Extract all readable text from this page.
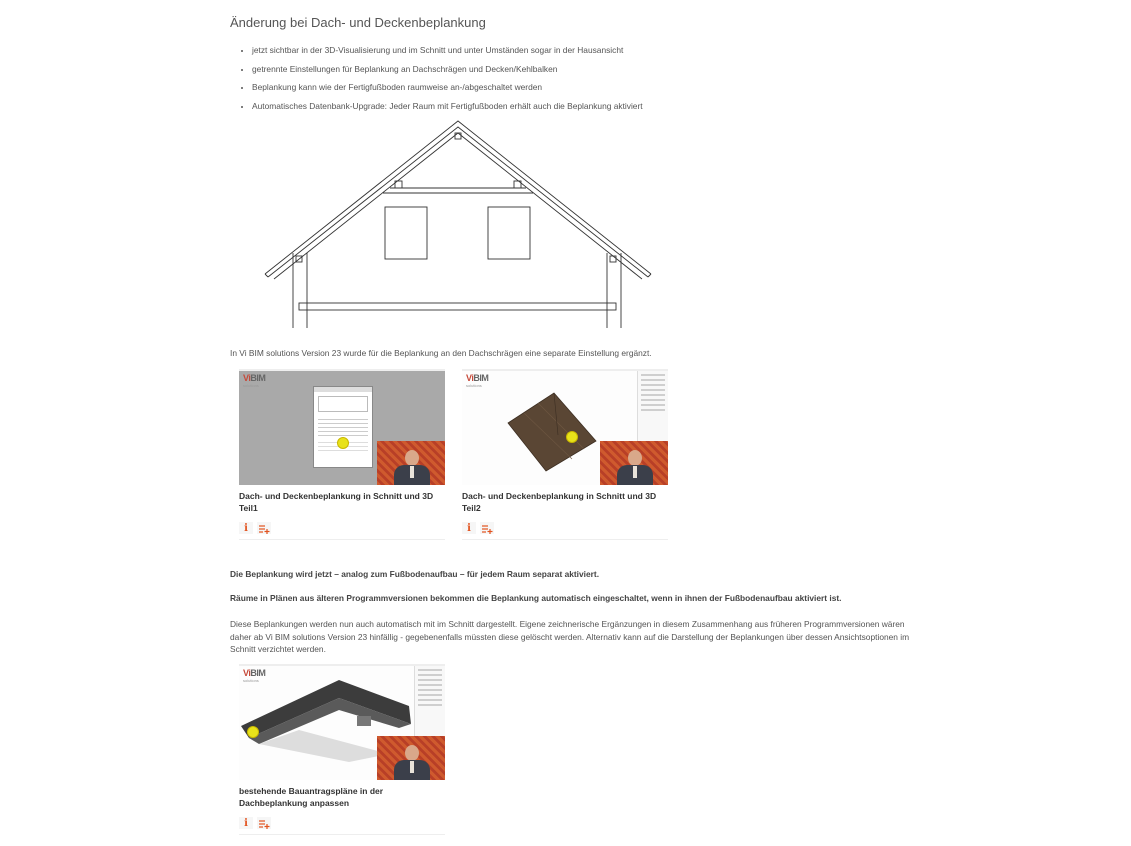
Änderung bei Dach- und Deckenbeplankung
• jetzt sichtbar in der 3D-Visualisierung und im Schnitt und unter Umständen sogar in der Hausansicht
• getrennte Einstellungen für Beplankung an Dachschrägen und Decken/Kehlbalken
• Beplankung kann wie der Fertigfußboden raumweise an-/abgeschaltet werden
• Automatisches Datenbank-Upgrade: Jeder Raum mit Fertigfußboden erhält auch die Beplankung aktiviert

In Vi BIM solutions Version 23 wurde für die Beplankung an den Dachschrägen eine separate Einstellung ergänzt.

ViBIM
solutions
Dach- und Deckenbeplankung in Schnitt und 3D Teil1
i
ViBIM
solutions
Dach- und Deckenbeplankung in Schnitt und 3D Teil2
i

Die Beplankung wird jetzt – analog zum Fußbodenaufbau – für jedem Raum separat aktiviert.

Räume in Plänen aus älteren Programmversionen bekommen die Beplankung automatisch eingeschaltet, wenn in ihnen der Fußbodenaufbau aktiviert ist.

Diese Beplankungen werden nun auch automatisch mit im Schnitt dargestellt. Eigene zeichnerische Ergänzungen in diesem Zusammenhang aus früheren Programmversionen wären daher ab Vi BIM solutions Version 23 hinfällig - gegebenenfalls müssten diese gelöscht werden. Alternativ kann auf die Darstellung der Beplankungen über dessen Ansichtsoptionen im Schnitt verzichtet werden.

ViBIM
solutions
bestehende Bauantragspläne in der Dachbeplankung anpassen
i
